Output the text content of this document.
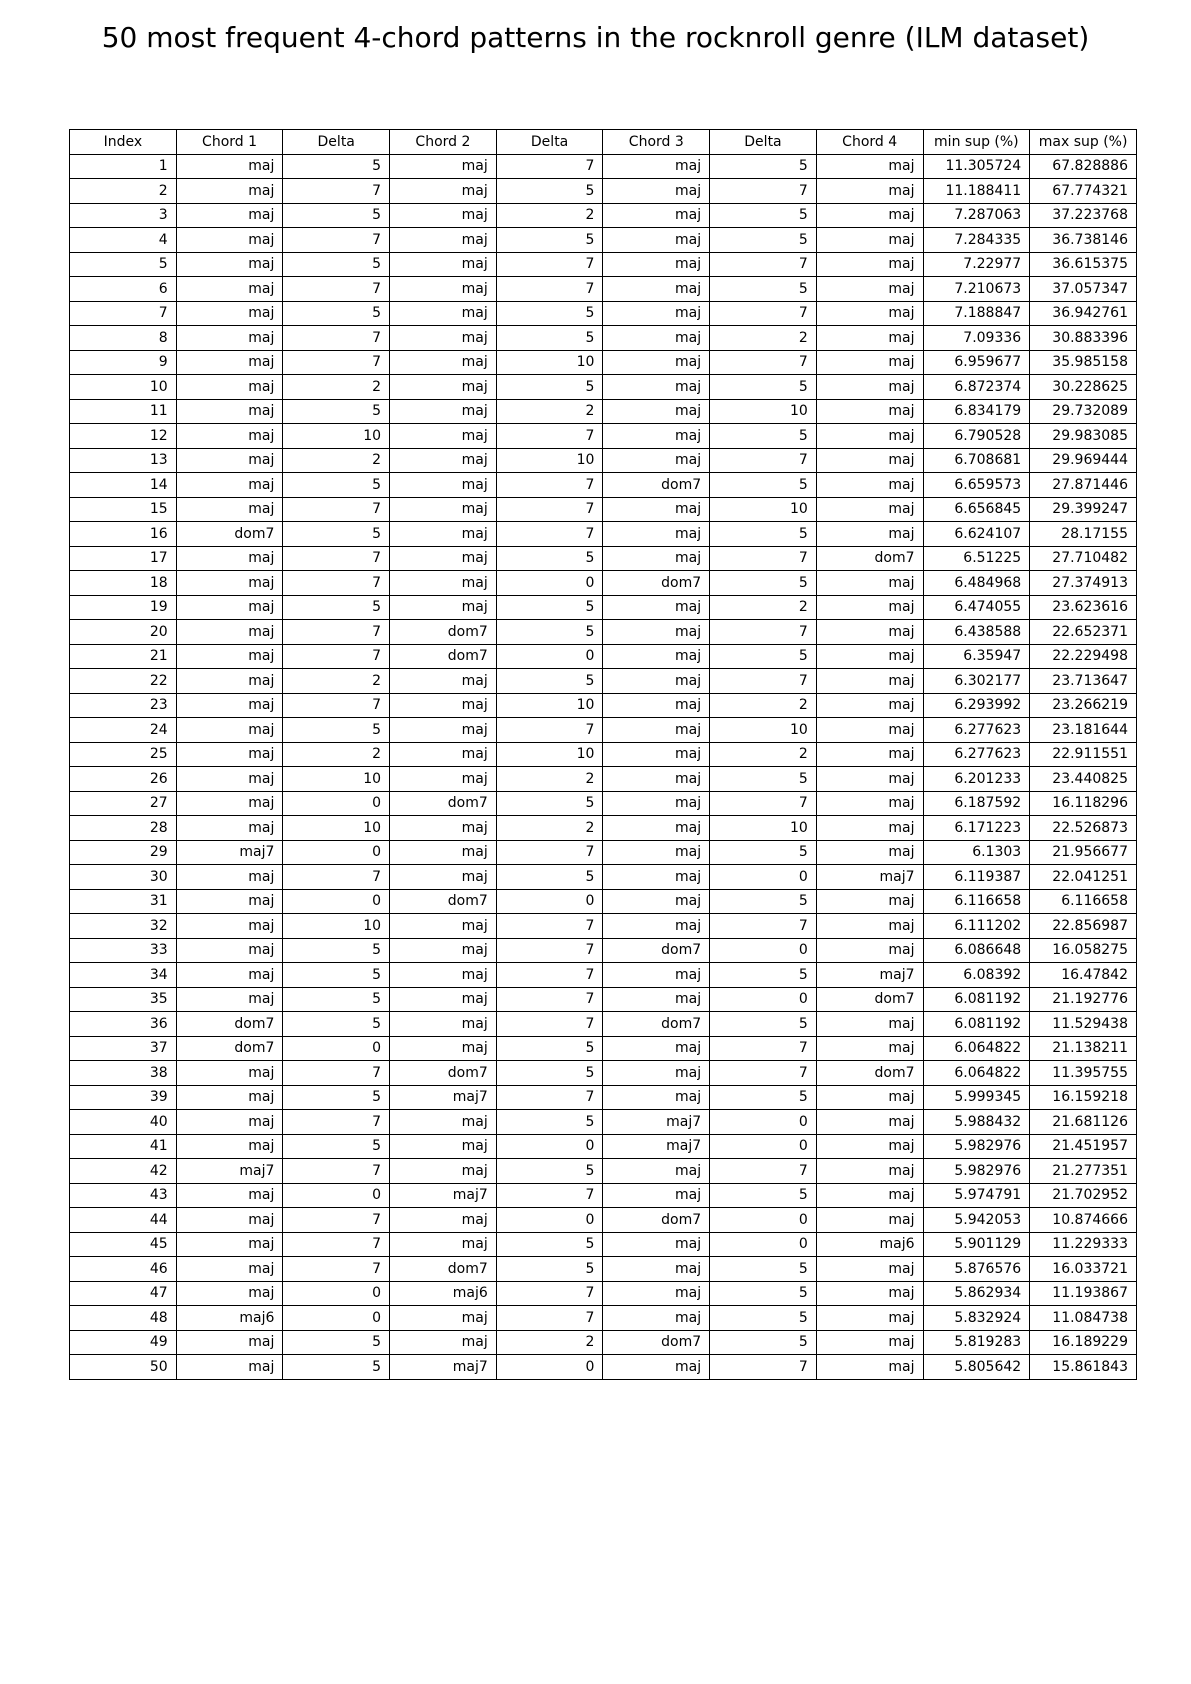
50 most frequent 4-chord patterns in the rocknroll genre (ILM dataset)
Index	Chord 1	Delta	Chord 2	Delta	Chord 3	Delta	Chord 4	min sup (%)	max sup (%)
1	maj	5	maj	7	maj	5	maj	11.305724	67.828886
2	maj	7	maj	5	maj	7	maj	11.188411	67.774321
3	maj	5	maj	2	maj	5	maj	7.287063	37.223768
4	maj	7	maj	5	maj	5	maj	7.284335	36.738146
5	maj	5	maj	7	maj	7	maj	7.22977	36.615375
6	maj	7	maj	7	maj	5	maj	7.210673	37.057347
7	maj	5	maj	5	maj	7	maj	7.188847	36.942761
8	maj	7	maj	5	maj	2	maj	7.09336	30.883396
9	maj	7	maj	10	maj	7	maj	6.959677	35.985158
10	maj	2	maj	5	maj	5	maj	6.872374	30.228625
11	maj	5	maj	2	maj	10	maj	6.834179	29.732089
12	maj	10	maj	7	maj	5	maj	6.790528	29.983085
13	maj	2	maj	10	maj	7	maj	6.708681	29.969444
14	maj	5	maj	7	dom7	5	maj	6.659573	27.871446
15	maj	7	maj	7	maj	10	maj	6.656845	29.399247
16	dom7	5	maj	7	maj	5	maj	6.624107	28.17155
17	maj	7	maj	5	maj	7	dom7	6.51225	27.710482
18	maj	7	maj	0	dom7	5	maj	6.484968	27.374913
19	maj	5	maj	5	maj	2	maj	6.474055	23.623616
20	maj	7	dom7	5	maj	7	maj	6.438588	22.652371
21	maj	7	dom7	0	maj	5	maj	6.35947	22.229498
22	maj	2	maj	5	maj	7	maj	6.302177	23.713647
23	maj	7	maj	10	maj	2	maj	6.293992	23.266219
24	maj	5	maj	7	maj	10	maj	6.277623	23.181644
25	maj	2	maj	10	maj	2	maj	6.277623	22.911551
26	maj	10	maj	2	maj	5	maj	6.201233	23.440825
27	maj	0	dom7	5	maj	7	maj	6.187592	16.118296
28	maj	10	maj	2	maj	10	maj	6.171223	22.526873
29	maj7	0	maj	7	maj	5	maj	6.1303	21.956677
30	maj	7	maj	5	maj	0	maj7	6.119387	22.041251
31	maj	0	dom7	0	maj	5	maj	6.116658	6.116658
32	maj	10	maj	7	maj	7	maj	6.111202	22.856987
33	maj	5	maj	7	dom7	0	maj	6.086648	16.058275
34	maj	5	maj	7	maj	5	maj7	6.08392	16.47842
35	maj	5	maj	7	maj	0	dom7	6.081192	21.192776
36	dom7	5	maj	7	dom7	5	maj	6.081192	11.529438
37	dom7	0	maj	5	maj	7	maj	6.064822	21.138211
38	maj	7	dom7	5	maj	7	dom7	6.064822	11.395755
39	maj	5	maj7	7	maj	5	maj	5.999345	16.159218
40	maj	7	maj	5	maj7	0	maj	5.988432	21.681126
41	maj	5	maj	0	maj7	0	maj	5.982976	21.451957
42	maj7	7	maj	5	maj	7	maj	5.982976	21.277351
43	maj	0	maj7	7	maj	5	maj	5.974791	21.702952
44	maj	7	maj	0	dom7	0	maj	5.942053	10.874666
45	maj	7	maj	5	maj	0	maj6	5.901129	11.229333
46	maj	7	dom7	5	maj	5	maj	5.876576	16.033721
47	maj	0	maj6	7	maj	5	maj	5.862934	11.193867
48	maj6	0	maj	7	maj	5	maj	5.832924	11.084738
49	maj	5	maj	2	dom7	5	maj	5.819283	16.189229
50	maj	5	maj7	0	maj	7	maj	5.805642	15.861843
